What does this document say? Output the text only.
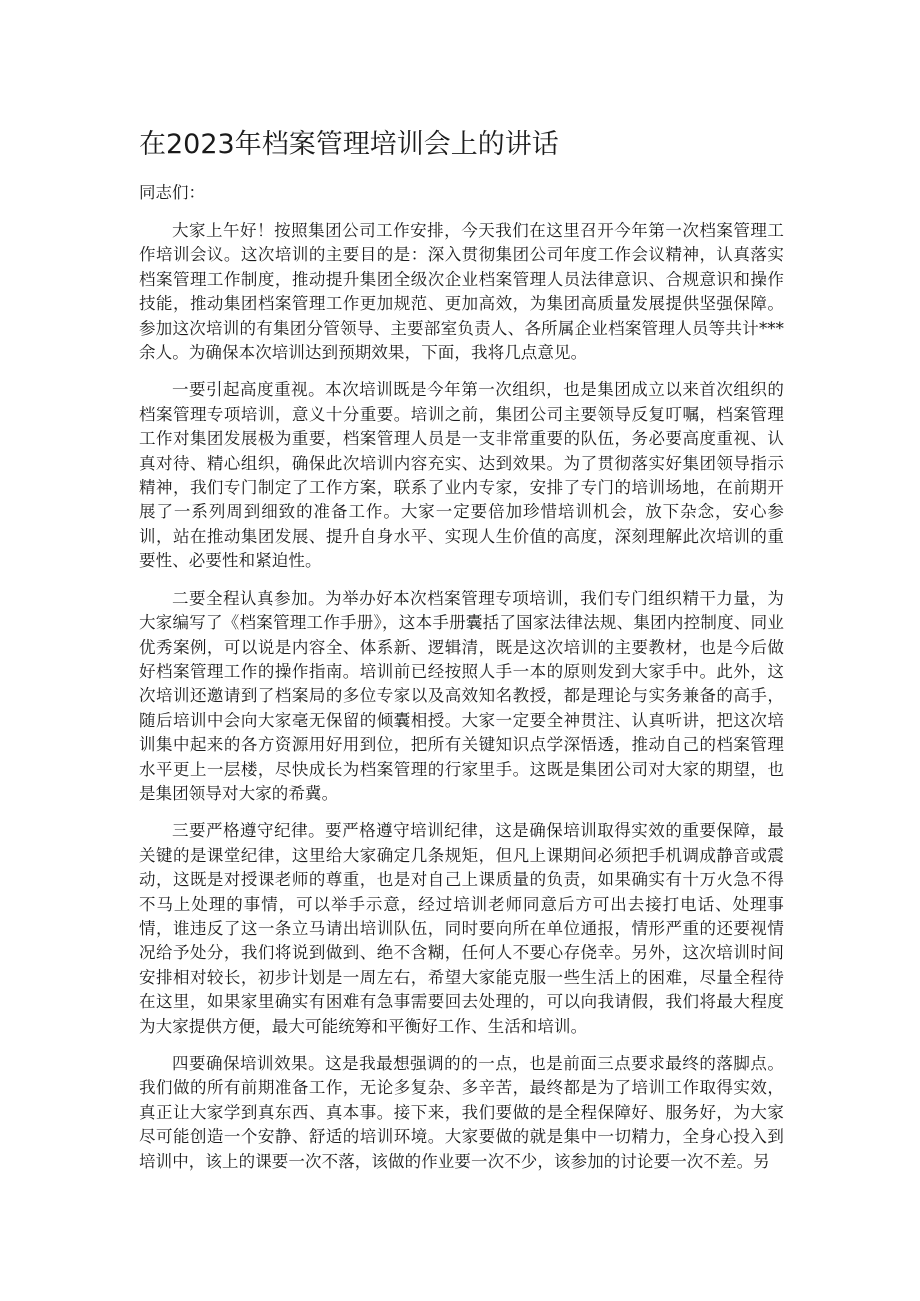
在2023年档案管理培训会上的讲话

同志们：

大家上午好！按照集团公司工作安排，今天我们在这里召开今年第一次档案管理工作培训会议。这次培训的主要目的是：深入贯彻集团公司年度工作会议精神，认真落实档案管理工作制度，推动提升集团全级次企业档案管理人员法律意识、合规意识和操作技能，推动集团档案管理工作更加规范、更加高效，为集团高质量发展提供坚强保障。参加这次培训的有集团分管领导、主要部室负责人、各所属企业档案管理人员等共计***余人。为确保本次培训达到预期效果，下面，我将几点意见。

一要引起高度重视。本次培训既是今年第一次组织，也是集团成立以来首次组织的档案管理专项培训，意义十分重要。培训之前，集团公司主要领导反复叮嘱，档案管理工作对集团发展极为重要，档案管理人员是一支非常重要的队伍，务必要高度重视、认真对待、精心组织，确保此次培训内容充实、达到效果。为了贯彻落实好集团领导指示精神，我们专门制定了工作方案，联系了业内专家，安排了专门的培训场地，在前期开展了一系列周到细致的准备工作。大家一定要倍加珍惜培训机会，放下杂念，安心参训，站在推动集团发展、提升自身水平、实现人生价值的高度，深刻理解此次培训的重要性、必要性和紧迫性。

二要全程认真参加。为举办好本次档案管理专项培训，我们专门组织精干力量，为大家编写了《档案管理工作手册》，这本手册囊括了国家法律法规、集团内控制度、同业优秀案例，可以说是内容全、体系新、逻辑清，既是这次培训的主要教材，也是今后做好档案管理工作的操作指南。培训前已经按照人手一本的原则发到大家手中。此外，这次培训还邀请到了档案局的多位专家以及高效知名教授，都是理论与实务兼备的高手，随后培训中会向大家毫无保留的倾囊相授。大家一定要全神贯注、认真听讲，把这次培训集中起来的各方资源用好用到位，把所有关键知识点学深悟透，推动自己的档案管理水平更上一层楼，尽快成长为档案管理的行家里手。这既是集团公司对大家的期望，也是集团领导对大家的希冀。

三要严格遵守纪律。要严格遵守培训纪律，这是确保培训取得实效的重要保障，最关键的是课堂纪律，这里给大家确定几条规矩，但凡上课期间必须把手机调成静音或震动，这既是对授课老师的尊重，也是对自己上课质量的负责，如果确实有十万火急不得不马上处理的事情，可以举手示意，经过培训老师同意后方可出去接打电话、处理事情，谁违反了这一条立马请出培训队伍，同时要向所在单位通报，情形严重的还要视情况给予处分，我们将说到做到、绝不含糊，任何人不要心存侥幸。另外，这次培训时间安排相对较长，初步计划是一周左右，希望大家能克服一些生活上的困难，尽量全程待在这里，如果家里确实有困难有急事需要回去处理的，可以向我请假，我们将最大程度为大家提供方便，最大可能统筹和平衡好工作、生活和培训。

四要确保培训效果。这是我最想强调的的一点，也是前面三点要求最终的落脚点。我们做的所有前期准备工作，无论多复杂、多辛苦，最终都是为了培训工作取得实效，真正让大家学到真东西、真本事。接下来，我们要做的是全程保障好、服务好，为大家尽可能创造一个安静、舒适的培训环境。大家要做的就是集中一切精力，全身心投入到培训中，该上的课要一次不落，该做的作业要一次不少，该参加的讨论要一次不差。另
